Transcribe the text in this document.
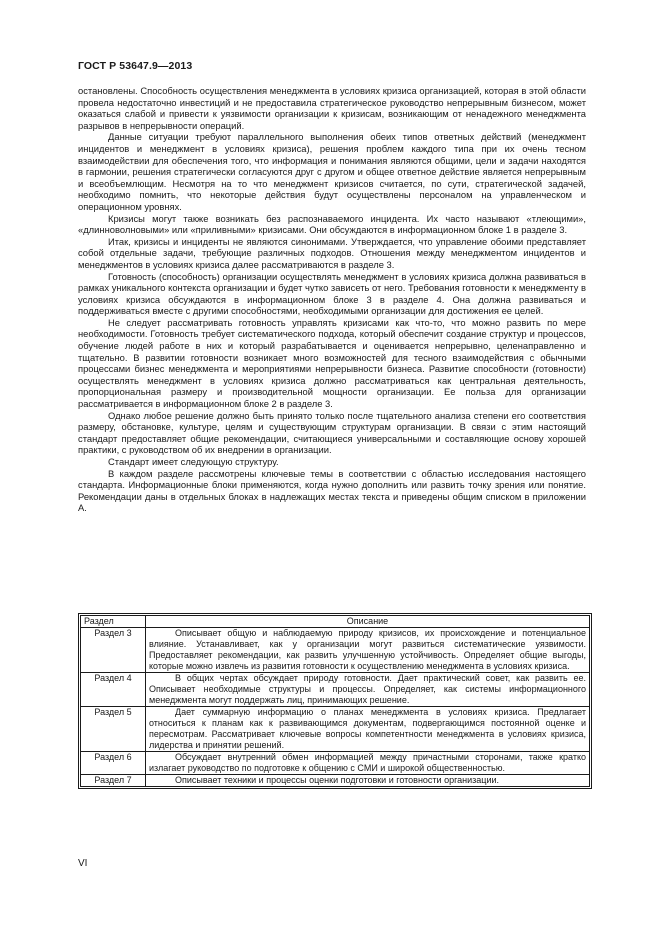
ГОСТ Р 53647.9—2013

остановлены. Способность осуществления менеджмента в условиях кризиса организацией, которая в этой области провела недостаточно инвестиций и не предоставила стратегическое руководство непрерывным бизнесом, может оказаться слабой и привести к уязвимости организации к кризисам, возникающим от ненадежного менеджмента разрывов в непрерывности операций.

Данные ситуации требуют параллельного выполнения обеих типов ответных действий (менеджмент инцидентов и менеджмент в условиях кризиса), решения проблем каждого типа при их очень тесном взаимодействии для обеспечения того, что информация и понимания являются общими, цели и задачи находятся в гармонии, решения стратегически согласуются друг с другом и общее ответное действие является непрерывным и всеобъемлющим. Несмотря на то что менеджмент кризисов считается, по сути, стратегической задачей, необходимо помнить, что некоторые действия будут осуществлены персоналом на управленческом и операционном уровнях.

Кризисы могут также возникать без распознаваемого инцидента. Их часто называют «тлеющими», «длинноволновыми» или «приливными» кризисами. Они обсуждаются в информационном блоке 1 в разделе 3.

Итак, кризисы и инциденты не являются синонимами. Утверждается, что управление обоими представляет собой отдельные задачи, требующие различных подходов. Отношения между менеджментом инцидентов и менеджментов в условиях кризиса далее рассматриваются в разделе 3.

Готовность (способность) организации осуществлять менеджмент в условиях кризиса должна развиваться в рамках уникального контекста организации и будет чутко зависеть от него. Требования готовности к менеджменту в условиях кризиса обсуждаются в информационном блоке 3 в разделе 4. Она должна развиваться и поддерживаться вместе с другими способностями, необходимыми организации для достижения ее целей.

Не следует рассматривать готовность управлять кризисами как что-то, что можно развить по мере необходимости. Готовность требует систематического подхода, который обеспечит создание структур и процессов, обучение людей работе в них и который разрабатывается и оценивается непрерывно, целенаправленно и тщательно. В развитии готовности возникает много возможностей для тесного взаимодействия с обычными процессами бизнес менеджмента и мероприятиями непрерывности бизнеса. Развитие способности (готовности) осуществлять менеджмент в условиях кризиса должно рассматриваться как центральная деятельность, пропорциональная размеру и производительной мощности организации. Ее польза для организации рассматривается в информационном блоке 2 в разделе 3.

Однако любое решение должно быть принято только после тщательного анализа степени его соответствия размеру, обстановке, культуре, целям и существующим структурам организации. В связи с этим настоящий стандарт предоставляет общие рекомендации, считающиеся универсальными и составляющие основу хорошей практики, с руководством об их внедрении в организации.

Стандарт имеет следующую структуру.

В каждом разделе рассмотрены ключевые темы в соответствии с областью исследования настоящего стандарта. Информационные блоки применяются, когда нужно дополнить или развить точку зрения или понятие. Рекомендации даны в отдельных блоках в надлежащих местах текста и приведены общим списком в приложении А.

Раздел	Описание
Раздел 3	Описывает общую и наблюдаемую природу кризисов, их происхождение и потенциальное влияние. Устанавливает, как у организации могут развиться систематические уязвимости. Предоставляет рекомендации, как развить улучшенную устойчивость. Определяет общие выгоды, которые можно извлечь из развития готовности к осуществлению менеджмента в условиях кризиса.
Раздел 4	В общих чертах обсуждает природу готовности. Дает практический совет, как развить ее. Описывает необходимые структуры и процессы. Определяет, как системы информационного менеджмента могут поддержать лиц, принимающих решение.
Раздел 5	Дает суммарную информацию о планах менеджмента в условиях кризиса. Предлагает относиться к планам как к развивающимся документам, подвергающимся постоянной оценке и пересмотрам. Рассматривает ключевые вопросы компетентности менеджмента в условиях кризиса, лидерства и принятии решений.
Раздел 6	Обсуждает внутренний обмен информацией между причастными сторонами, также кратко излагает руководство по подготовке к общению с СМИ и широкой общественностью.
Раздел 7	Описывает техники и процессы оценки подготовки и готовности организации.
VI
